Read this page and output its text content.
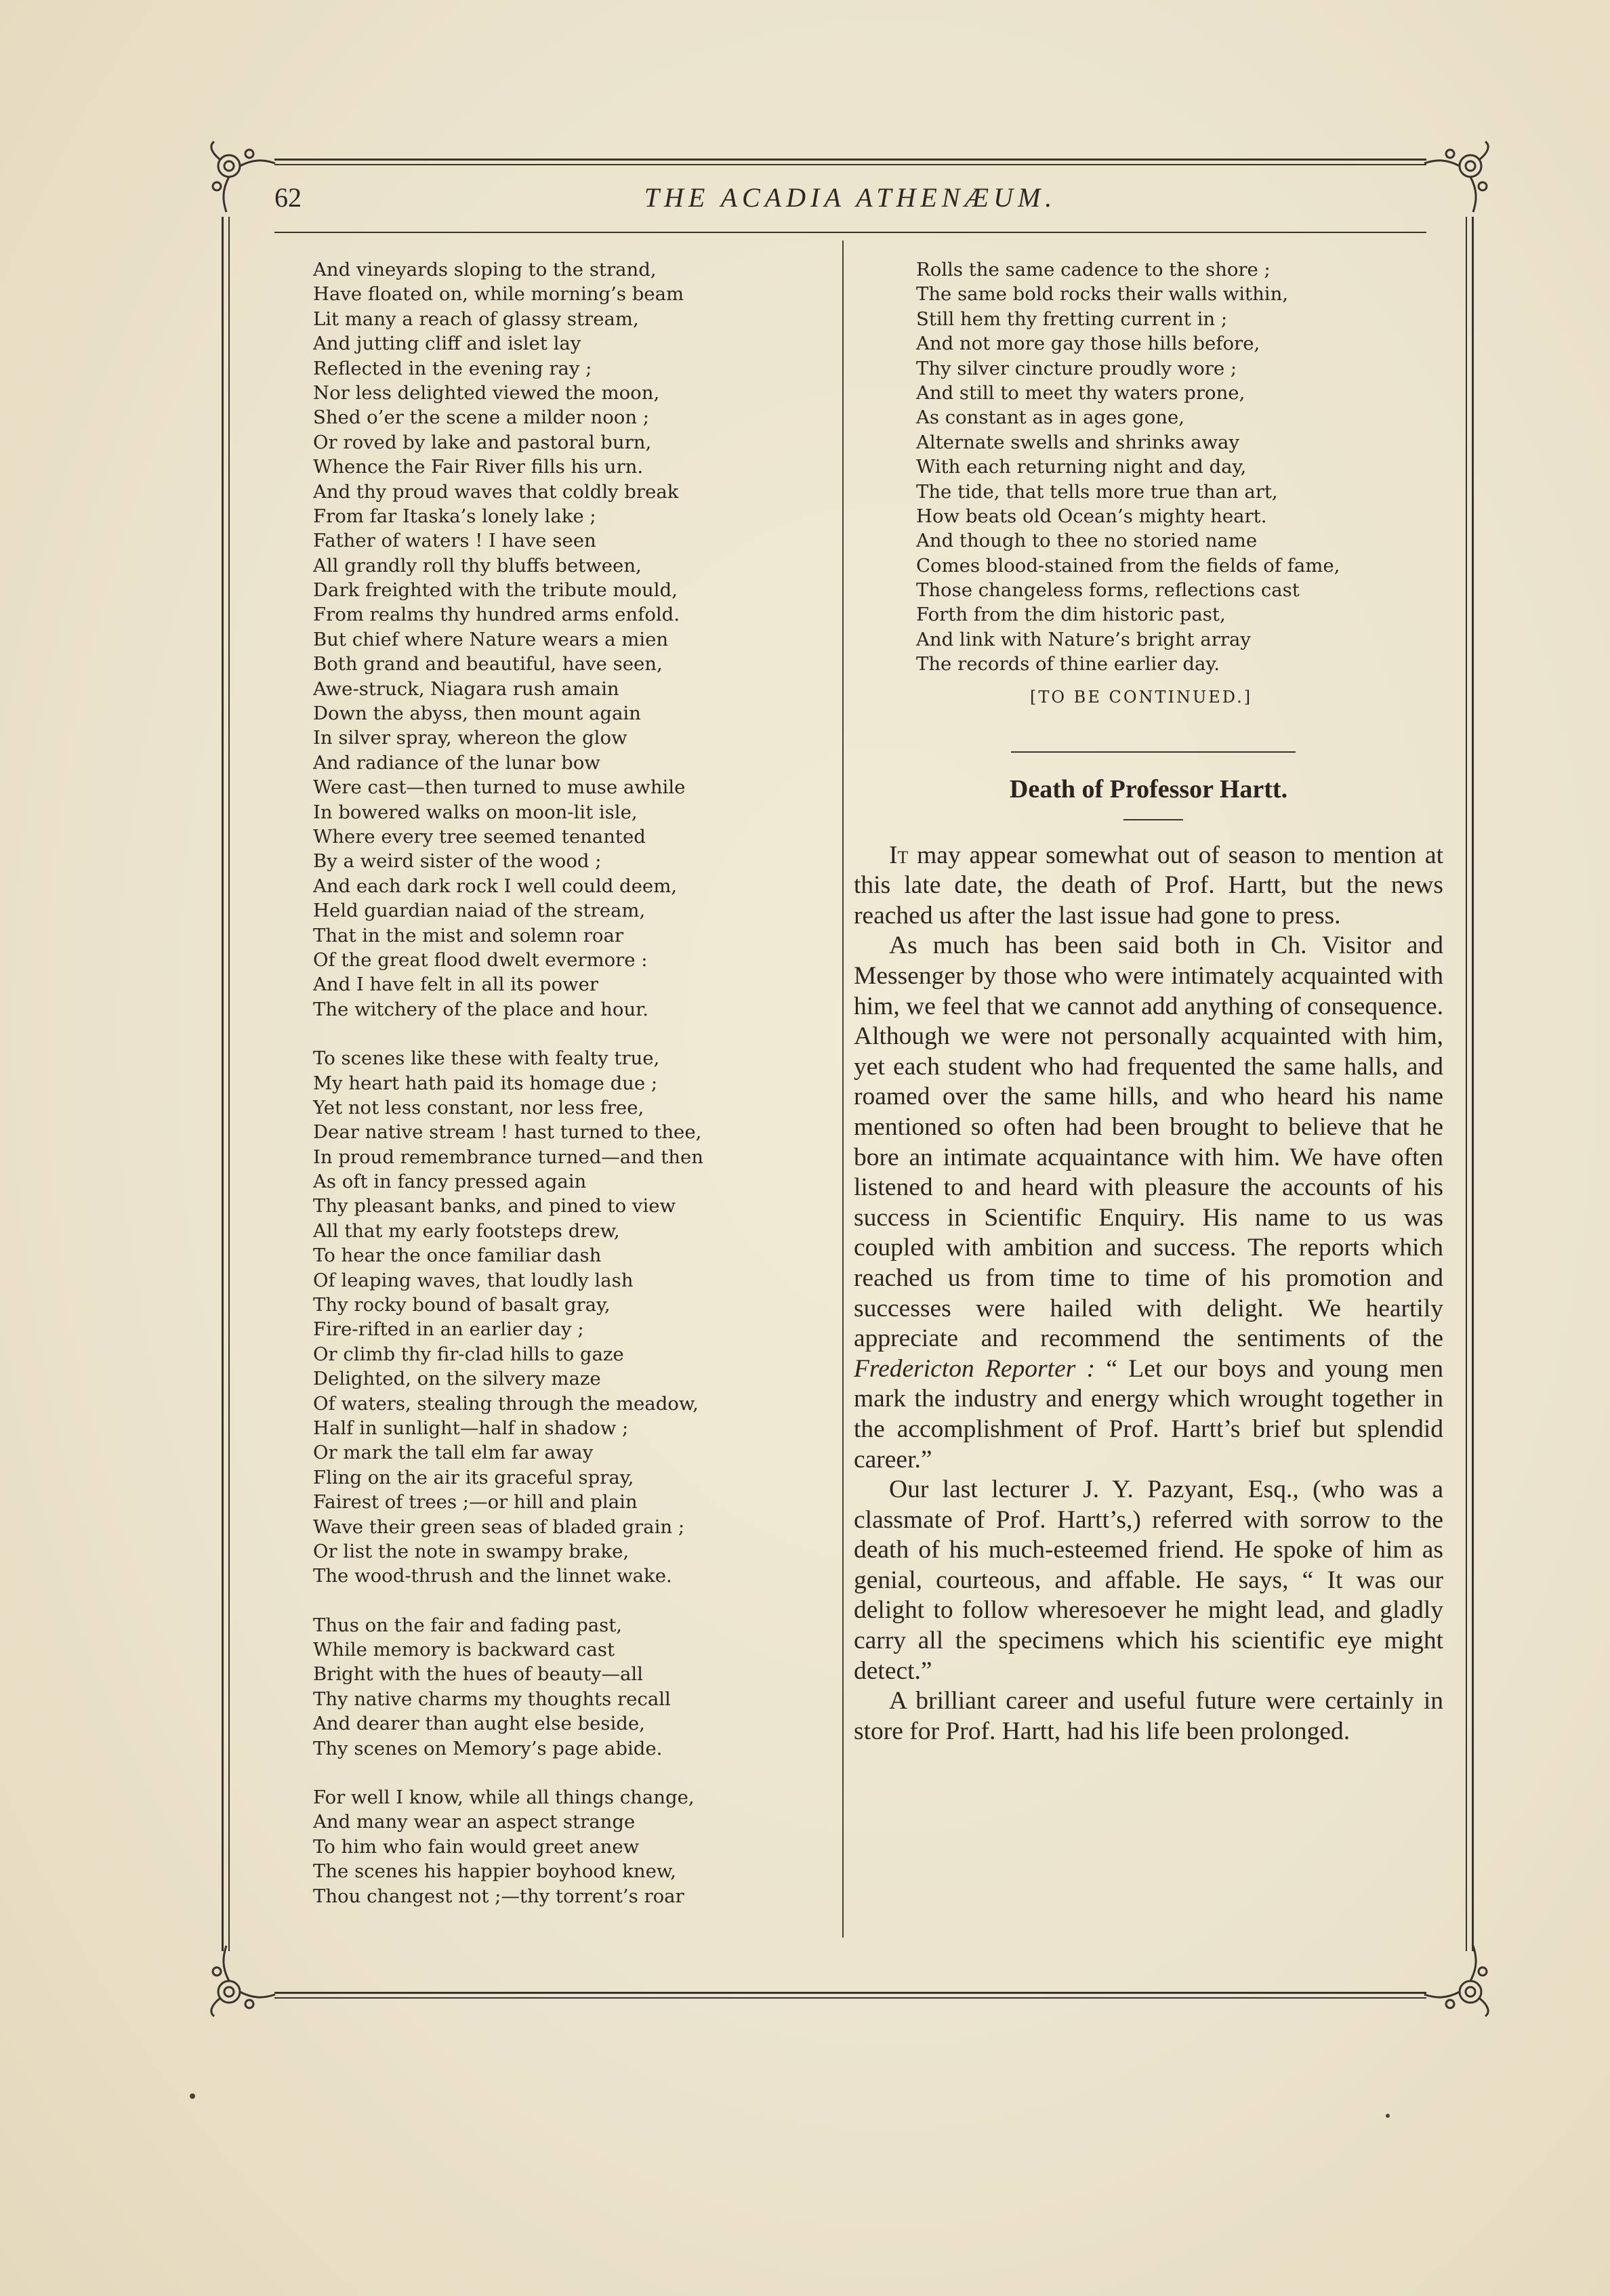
62	THE ACADIA ATHENÆUM.
And vineyards sloping to the strand,
Have floated on, while morning’s beam
Lit many a reach of glassy stream,
And jutting cliff and islet lay
Reflected in the evening ray ;
Nor less delighted viewed the moon,
Shed o’er the scene a milder noon ;
Or roved by lake and pastoral burn,
Whence the Fair River fills his urn.
And thy proud waves that coldly break
From far Itaska’s lonely lake ;
Father of waters ! I have seen
All grandly roll thy bluffs between,
Dark freighted with the tribute mould,
From realms thy hundred arms enfold.
But chief where Nature wears a mien
Both grand and beautiful, have seen,
Awe-struck, Niagara rush amain
Down the abyss, then mount again
In silver spray, whereon the glow
And radiance of the lunar bow
Were cast—then turned to muse awhile
In bowered walks on moon-lit isle,
Where every tree seemed tenanted
By a weird sister of the wood ;
And each dark rock I well could deem,
Held guardian naiad of the stream,
That in the mist and solemn roar
Of the great flood dwelt evermore :
And I have felt in all its power
The witchery of the place and hour.
To scenes like these with fealty true,
My heart hath paid its homage due ;
Yet not less constant, nor less free,
Dear native stream ! hast turned to thee,
In proud remembrance turned—and then
As oft in fancy pressed again
Thy pleasant banks, and pined to view
All that my early footsteps drew,
To hear the once familiar dash
Of leaping waves, that loudly lash
Thy rocky bound of basalt gray,
Fire-rifted in an earlier day ;
Or climb thy fir-clad hills to gaze
Delighted, on the silvery maze
Of waters, stealing through the meadow,
Half in sunlight—half in shadow ;
Or mark the tall elm far away
Fling on the air its graceful spray,
Fairest of trees ;—or hill and plain
Wave their green seas of bladed grain ;
Or list the note in swampy brake,
The wood-thrush and the linnet wake.
Thus on the fair and fading past,
While memory is backward cast
Bright with the hues of beauty—all
Thy native charms my thoughts recall
And dearer than aught else beside,
Thy scenes on Memory’s page abide.
For well I know, while all things change,
And many wear an aspect strange
To him who fain would greet anew
The scenes his happier boyhood knew,
Thou changest not ;—thy torrent’s roar
Rolls the same cadence to the shore ;
The same bold rocks their walls within,
Still hem thy fretting current in ;
And not more gay those hills before,
Thy silver cincture proudly wore ;
And still to meet thy waters prone,
As constant as in ages gone,
Alternate swells and shrinks away
With each returning night and day,
The tide, that tells more true than art,
How beats old Ocean’s mighty heart.
And though to thee no storied name
Comes blood-stained from the fields of fame,
Those changeless forms, reflections cast
Forth from the dim historic past,
And link with Nature’s bright array
The records of thine earlier day.
[TO BE CONTINUED.]
Death of Professor Hartt.

It may appear somewhat out of season to mention at this late date, the death of Prof. Hartt, but the news reached us after the last issue had gone to press.

As much has been said both in Ch. Visitor and Messenger by those who were intimately acquainted with him, we feel that we cannot add anything of consequence. Although we were not personally acquainted with him, yet each student who had frequented the same halls, and roamed over the same hills, and who heard his name mentioned so often had been brought to believe that he bore an intimate acquaintance with him. We have often listened to and heard with pleasure the accounts of his success in Scientific Enquiry. His name to us was coupled with ambition and success. The reports which reached us from time to time of his promotion and successes were hailed with delight. We heartily appreciate and recommend the sentiments of the Fredericton Reporter : “ Let our boys and young men mark the industry and energy which wrought together in the accomplishment of Prof. Hartt’s brief but splendid career.”

Our last lecturer J. Y. Pazyant, Esq., (who was a classmate of Prof. Hartt’s,) referred with sorrow to the death of his much-esteemed friend. He spoke of him as genial, courteous, and affable. He says, “ It was our delight to follow wheresoever he might lead, and gladly carry all the specimens which his scientific eye might detect.”

A brilliant career and useful future were certainly in store for Prof. Hartt, had his life been prolonged.
